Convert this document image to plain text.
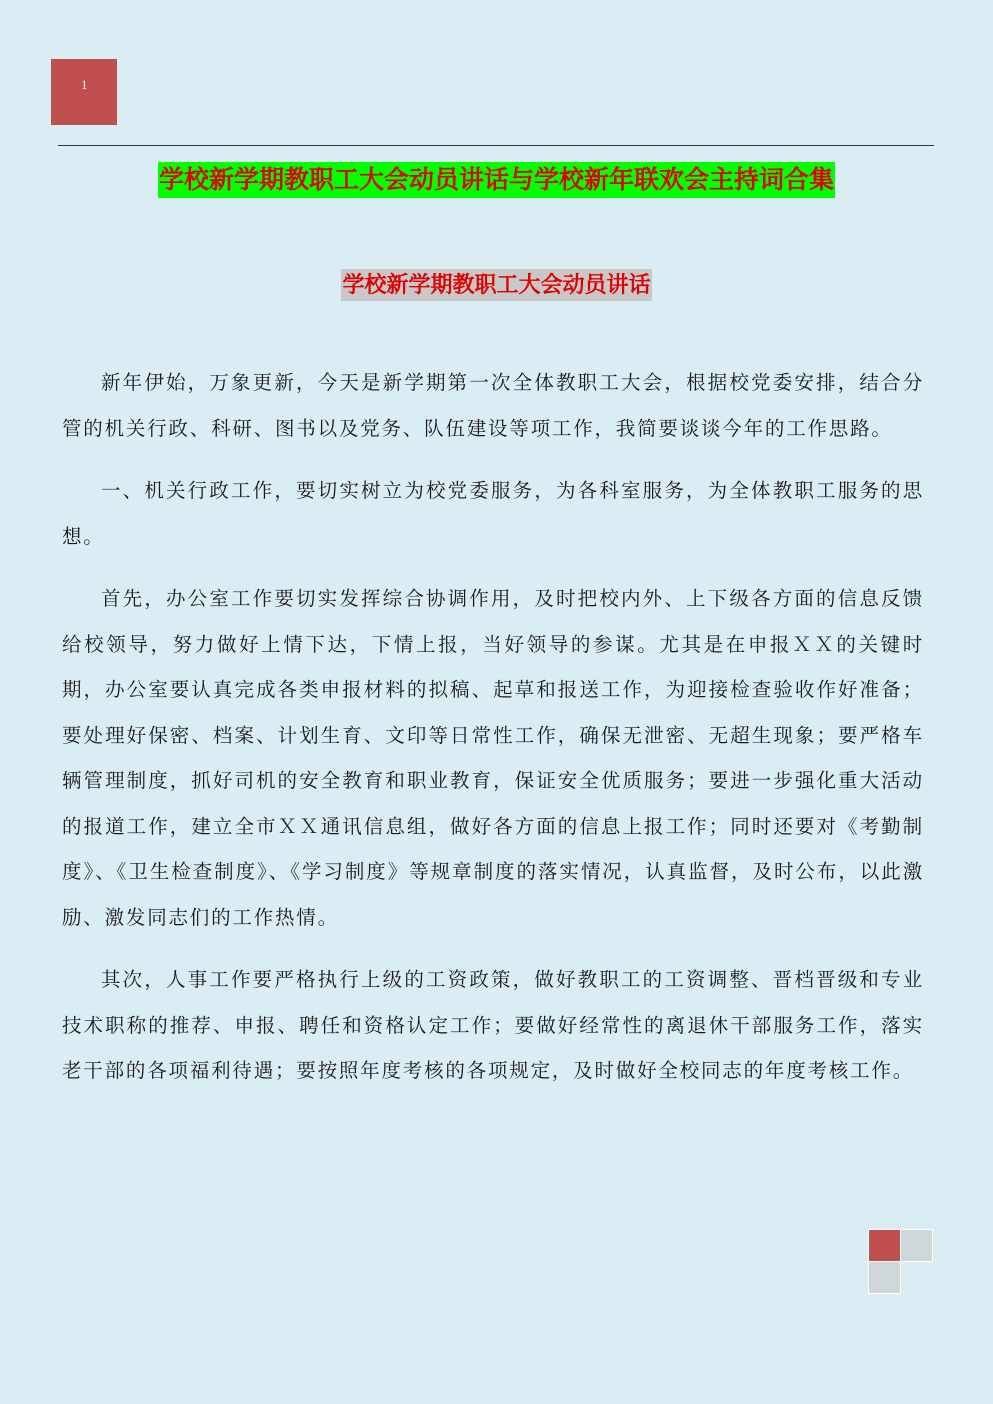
1
学校新学期教职工大会动员讲话与学校新年联欢会主持词合集
学校新学期教职工大会动员讲话

新年伊始，万象更新，今天是新学期第一次全体教职工大会，根据校党委安排，结合分管的机关行政、科研、图书以及党务、队伍建设等项工作，我简要谈谈今年的工作思路。

一、机关行政工作，要切实树立为校党委服务，为各科室服务，为全体教职工服务的思想。

首先，办公室工作要切实发挥综合协调作用，及时把校内外、上下级各方面的信息反馈给校领导，努力做好上情下达，下情上报，当好领导的参谋。尤其是在申报ＸＸ的关键时期，办公室要认真完成各类申报材料的拟稿、起草和报送工作，为迎接检查验收作好准备；要处理好保密、档案、计划生育、文印等日常性工作，确保无泄密、无超生现象；要严格车辆管理制度，抓好司机的安全教育和职业教育，保证安全优质服务；要进一步强化重大活动的报道工作，建立全市ＸＸ通讯信息组，做好各方面的信息上报工作；同时还要对《考勤制度》、《卫生检查制度》、《学习制度》等规章制度的落实情况，认真监督，及时公布，以此激励、激发同志们的工作热情。

其次，人事工作要严格执行上级的工资政策，做好教职工的工资调整、晋档晋级和专业技术职称的推荐、申报、聘任和资格认定工作；要做好经常性的离退休干部服务工作，落实老干部的各项福利待遇；要按照年度考核的各项规定，及时做好全校同志的年度考核工作。
